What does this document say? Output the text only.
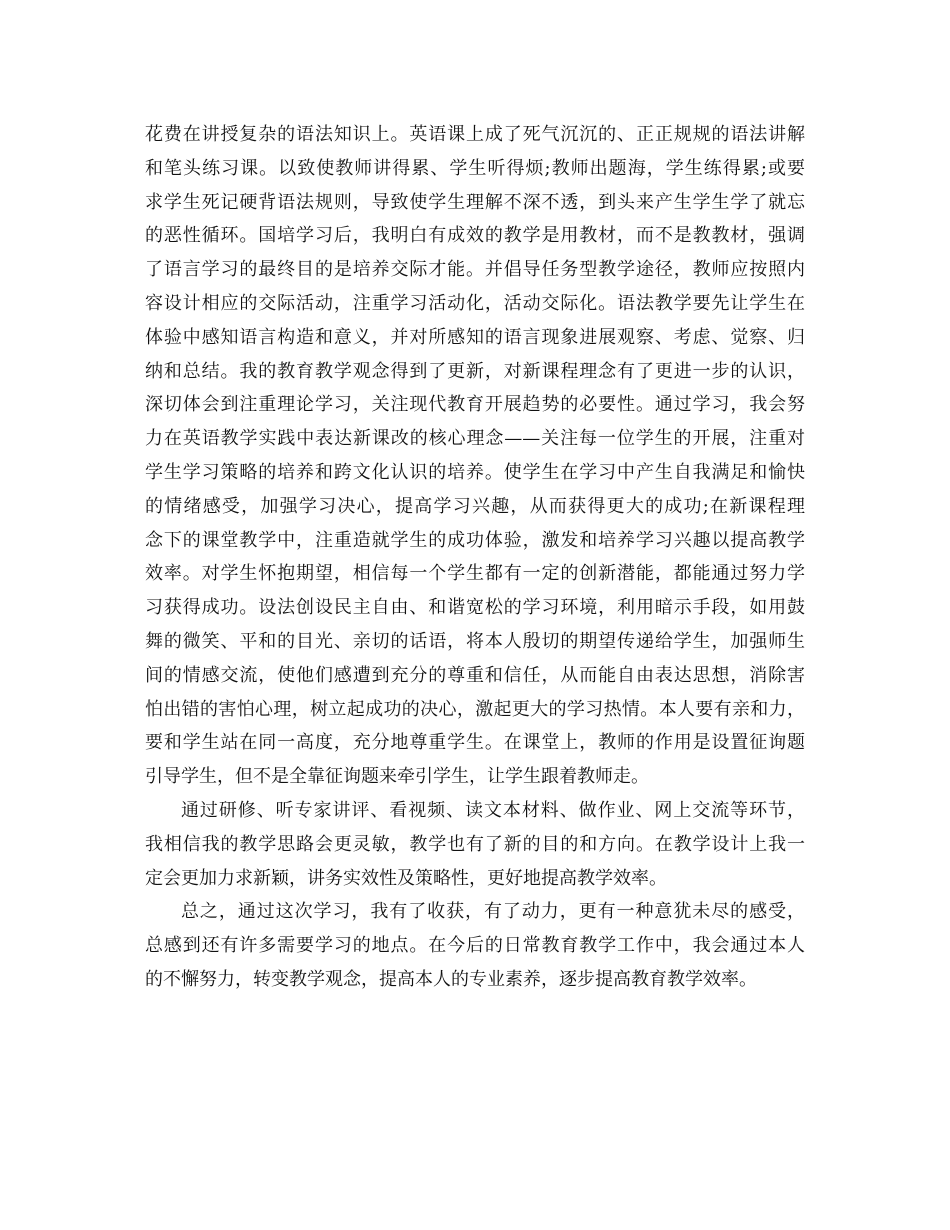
花费在讲授复杂的语法知识上。英语课上成了死气沉沉的、正正规规的语法讲解
和笔头练习课。以致使教师讲得累、学生听得烦;教师出题海，学生练得累;或要
求学生死记硬背语法规则，导致使学生理解不深不透，到头来产生学生学了就忘
的恶性循环。国培学习后，我明白有成效的教学是用教材，而不是教教材，强调
了语言学习的最终目的是培养交际才能。并倡导任务型教学途径，教师应按照内
容设计相应的交际活动，注重学习活动化，活动交际化。语法教学要先让学生在
体验中感知语言构造和意义，并对所感知的语言现象进展观察、考虑、觉察、归
纳和总结。我的教育教学观念得到了更新，对新课程理念有了更进一步的认识，
深切体会到注重理论学习，关注现代教育开展趋势的必要性。通过学习，我会努
力在英语教学实践中表达新课改的核心理念——关注每一位学生的开展，注重对
学生学习策略的培养和跨文化认识的培养。使学生在学习中产生自我满足和愉快
的情绪感受，加强学习决心，提高学习兴趣，从而获得更大的成功;在新课程理
念下的课堂教学中，注重造就学生的成功体验，激发和培养学习兴趣以提高教学
效率。对学生怀抱期望，相信每一个学生都有一定的创新潜能，都能通过努力学
习获得成功。设法创设民主自由、和谐宽松的学习环境，利用暗示手段，如用鼓
舞的微笑、平和的目光、亲切的话语，将本人殷切的期望传递给学生，加强师生
间的情感交流，使他们感遭到充分的尊重和信任，从而能自由表达思想，消除害
怕出错的害怕心理，树立起成功的决心，激起更大的学习热情。本人要有亲和力，
要和学生站在同一高度，充分地尊重学生。在课堂上，教师的作用是设置征询题
引导学生，但不是全靠征询题来牵引学生，让学生跟着教师走。
通过研修、听专家讲评、看视频、读文本材料、做作业、网上交流等环节，
我相信我的教学思路会更灵敏，教学也有了新的目的和方向。在教学设计上我一
定会更加力求新颖，讲务实效性及策略性，更好地提高教学效率。
总之，通过这次学习，我有了收获，有了动力，更有一种意犹未尽的感受，
总感到还有许多需要学习的地点。在今后的日常教育教学工作中，我会通过本人
的不懈努力，转变教学观念，提高本人的专业素养，逐步提高教育教学效率。
